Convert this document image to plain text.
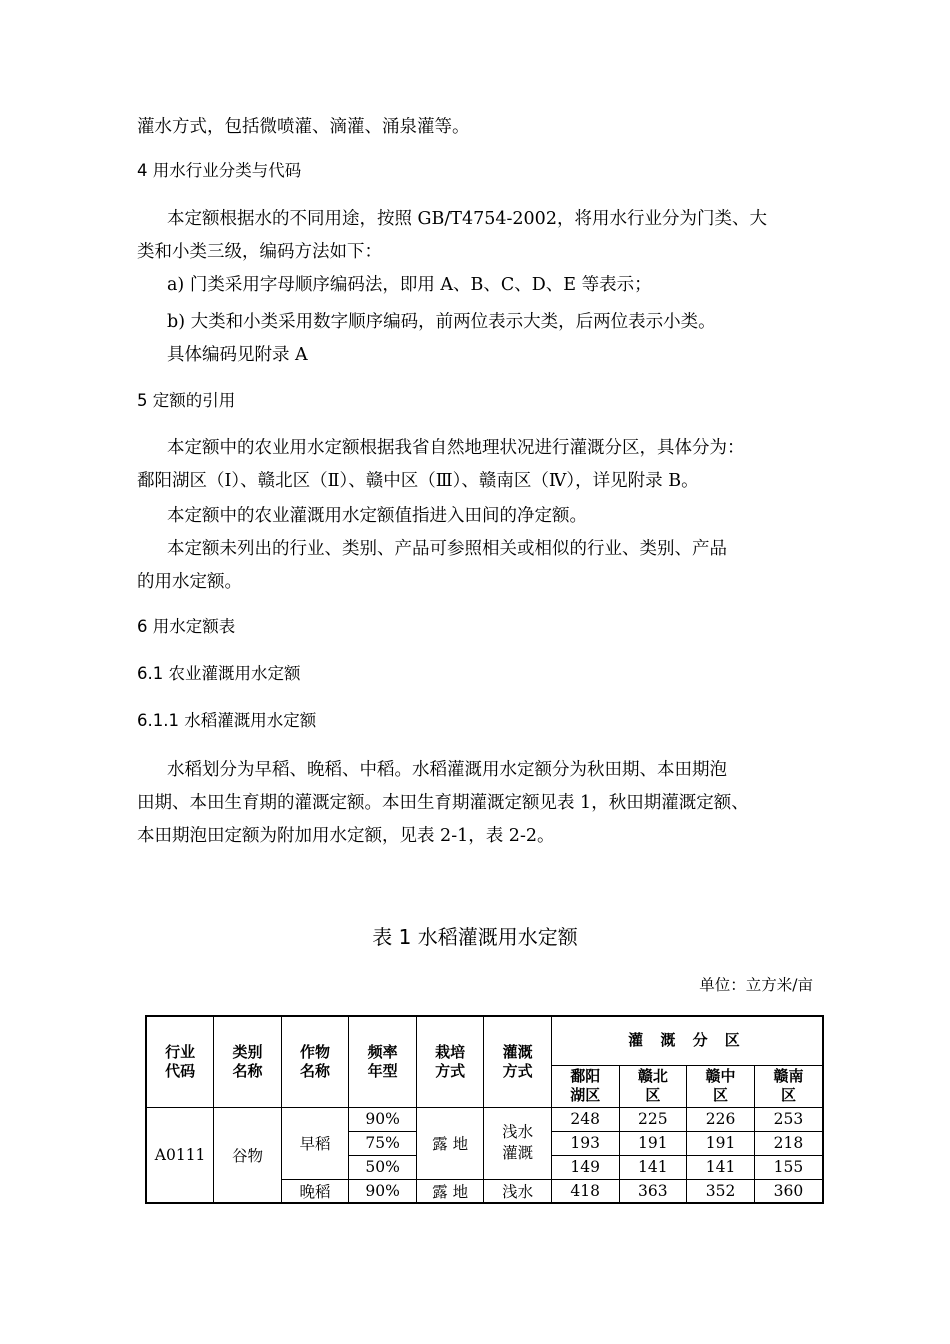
灌水方式，包括微喷灌、滴灌、涌泉灌等。
4 用水行业分类与代码
本定额根据水的不同用途，按照 GB/T4754-2002，将用水行业分为门类、大
类和小类三级，编码方法如下：
a) 门类采用字母顺序编码法，即用 A、B、C、D、E 等表示；
b) 大类和小类采用数字顺序编码，前两位表示大类，后两位表示小类。
具体编码见附录 A
5 定额的引用
本定额中的农业用水定额根据我省自然地理状况进行灌溉分区，具体分为：
鄱阳湖区（Ⅰ）、赣北区（Ⅱ）、赣中区（Ⅲ）、赣南区（Ⅳ），详见附录 B。
本定额中的农业灌溉用水定额值指进入田间的净定额。
本定额未列出的行业、类别、产品可参照相关或相似的行业、类别、产品
的用水定额。
6 用水定额表
6.1 农业灌溉用水定额
6.1.1 水稻灌溉用水定额
水稻划分为早稻、晚稻、中稻。水稻灌溉用水定额分为秋田期、本田期泡
田期、本田生育期的灌溉定额。本田生育期灌溉定额见表 1，秋田期灌溉定额、
本田期泡田定额为附加用水定额，见表 2-1，表 2-2。
表 1 水稻灌溉用水定额
单位：立方米/亩
行业代码	类别名称	作物名称	频率年型	栽培方式	灌溉方式	灌 溉 分 区			
						鄱阳湖区	赣北区	赣中区	赣南区
A0111	谷物	早稻	90%	露 地	浅水灌溉	248	225	226	253
			75%			193	191	191	218
			50%			149	141	141	155
		晚稻	90%	露 地	浅水	418	363	352	360
